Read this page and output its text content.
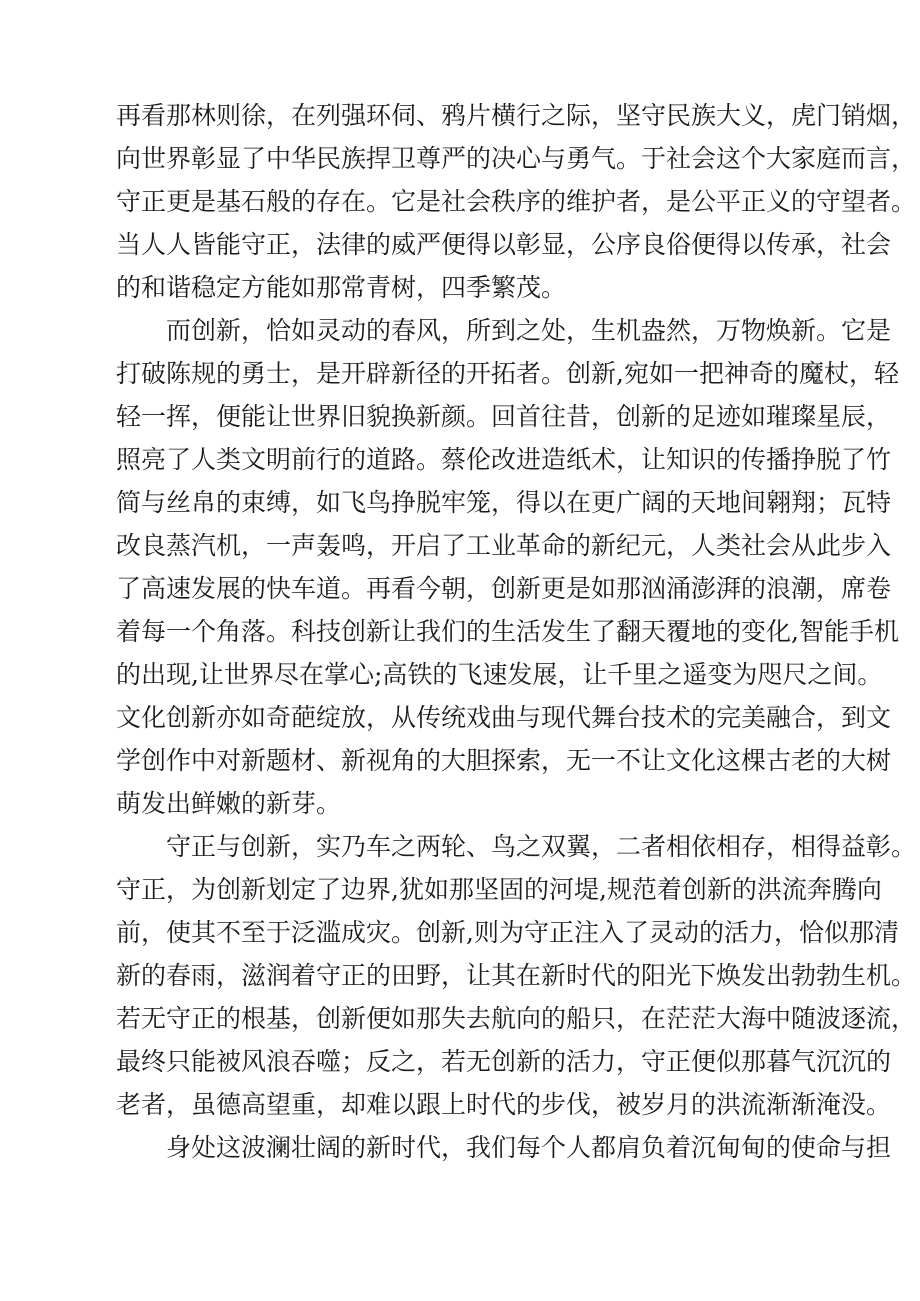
再看那林则徐，在列强环伺、鸦片横行之际，坚守民族大义，虎门销烟，
向世界彰显了中华民族捍卫尊严的决心与勇气。于社会这个大家庭而言，
守正更是基石般的存在。它是社会秩序的维护者，是公平正义的守望者。
当人人皆能守正，法律的威严便得以彰显，公序良俗便得以传承，社会
的和谐稳定方能如那常青树，四季繁茂。
而创新，恰如灵动的春风，所到之处，生机盎然，万物焕新。它是
打破陈规的勇士，是开辟新径的开拓者。创新,宛如一把神奇的魔杖，轻
轻一挥，便能让世界旧貌换新颜。回首往昔，创新的足迹如璀璨星辰，
照亮了人类文明前行的道路。蔡伦改进造纸术，让知识的传播挣脱了竹
简与丝帛的束缚，如飞鸟挣脱牢笼，得以在更广阔的天地间翱翔；瓦特
改良蒸汽机，一声轰鸣，开启了工业革命的新纪元，人类社会从此步入
了高速发展的快车道。再看今朝，创新更是如那汹涌澎湃的浪潮，席卷
着每一个角落。科技创新让我们的生活发生了翻天覆地的变化,智能手机
的出现,让世界尽在掌心;高铁的飞速发展，让千里之遥变为咫尺之间。
文化创新亦如奇葩绽放，从传统戏曲与现代舞台技术的完美融合，到文
学创作中对新题材、新视角的大胆探索，无一不让文化这棵古老的大树
萌发出鲜嫩的新芽。
守正与创新，实乃车之两轮、鸟之双翼，二者相依相存，相得益彰。
守正，为创新划定了边界,犹如那坚固的河堤,规范着创新的洪流奔腾向
前，使其不至于泛滥成灾。创新,则为守正注入了灵动的活力，恰似那清
新的春雨，滋润着守正的田野，让其在新时代的阳光下焕发出勃勃生机。
若无守正的根基，创新便如那失去航向的船只，在茫茫大海中随波逐流，
最终只能被风浪吞噬；反之，若无创新的活力，守正便似那暮气沉沉的
老者，虽德高望重，却难以跟上时代的步伐，被岁月的洪流渐渐淹没。
身处这波澜壮阔的新时代，我们每个人都肩负着沉甸甸的使命与担
